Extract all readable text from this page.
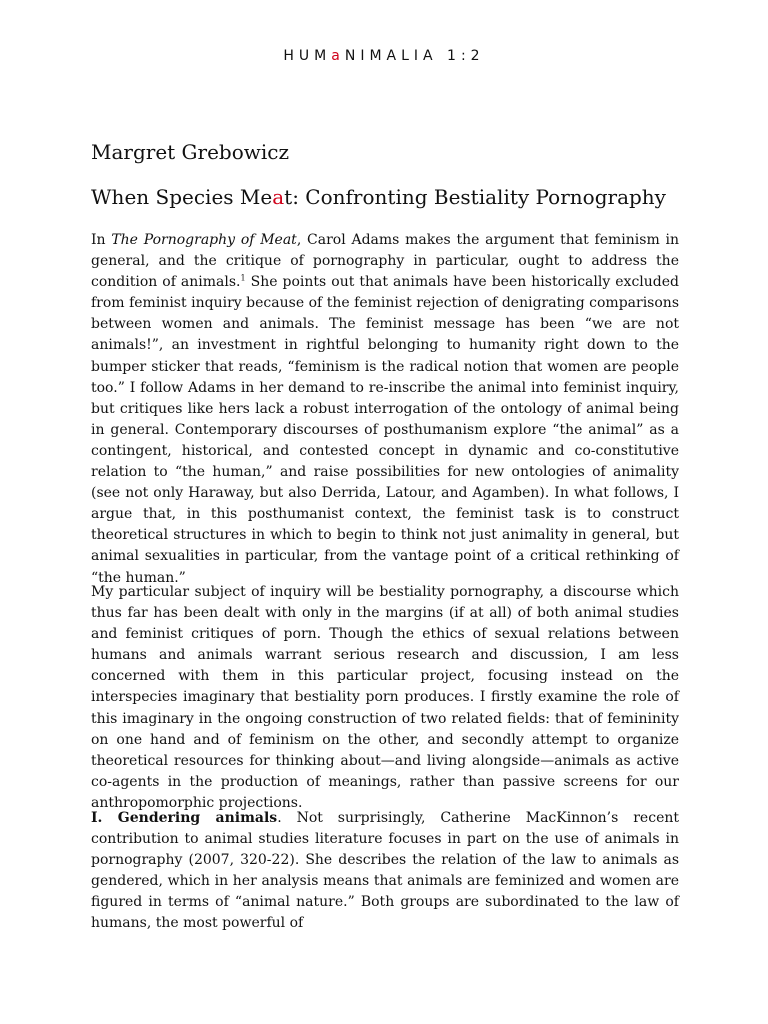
HUMaNIMALIA 1:2
Margret Grebowicz
When Species Meat: Confronting Bestiality Pornography

In The Pornography of Meat, Carol Adams makes the argument that feminism in general, and the critique of pornography in particular, ought to address the condition of animals.$^1$ She points out that animals have been historically excluded from feminist inquiry because of the feminist rejection of denigrating comparisons between women and animals. The feminist message has been “we are not animals!”, an investment in rightful belonging to humanity right down to the bumper sticker that reads, “feminism is the radical notion that women are people too.” I follow Adams in her demand to re-inscribe the animal into feminist inquiry, but critiques like hers lack a robust interrogation of the ontology of animal being in general. Contemporary discourses of posthumanism explore “the animal” as a contingent, historical, and contested concept in dynamic and co-constitutive relation to “the human,” and raise possibilities for new ontologies of animality (see not only Haraway, but also Derrida, Latour, and Agamben). In what follows, I argue that, in this posthumanist context, the feminist task is to construct theoretical structures in which to begin to think not just animality in general, but animal sexualities in particular, from the vantage point of a critical rethinking of “the human.”

My particular subject of inquiry will be bestiality pornography, a discourse which thus far has been dealt with only in the margins (if at all) of both animal studies and feminist critiques of porn. Though the ethics of sexual relations between humans and animals warrant serious research and discussion, I am less concerned with them in this particular project, focusing instead on the interspecies imaginary that bestiality porn produces. I firstly examine the role of this imaginary in the ongoing construction of two related fields: that of femininity on one hand and of feminism on the other, and secondly attempt to organize theoretical resources for thinking about—and living alongside—animals as active co-agents in the production of meanings, rather than passive screens for our anthropomorphic projections.

I. Gendering animals. Not surprisingly, Catherine MacKinnon’s recent contribution to animal studies literature focuses in part on the use of animals in pornography (2007, 320-22). She describes the relation of the law to animals as gendered, which in her analysis means that animals are feminized and women are figured in terms of “animal nature.” Both groups are subordinated to the law of humans, the most powerful of
